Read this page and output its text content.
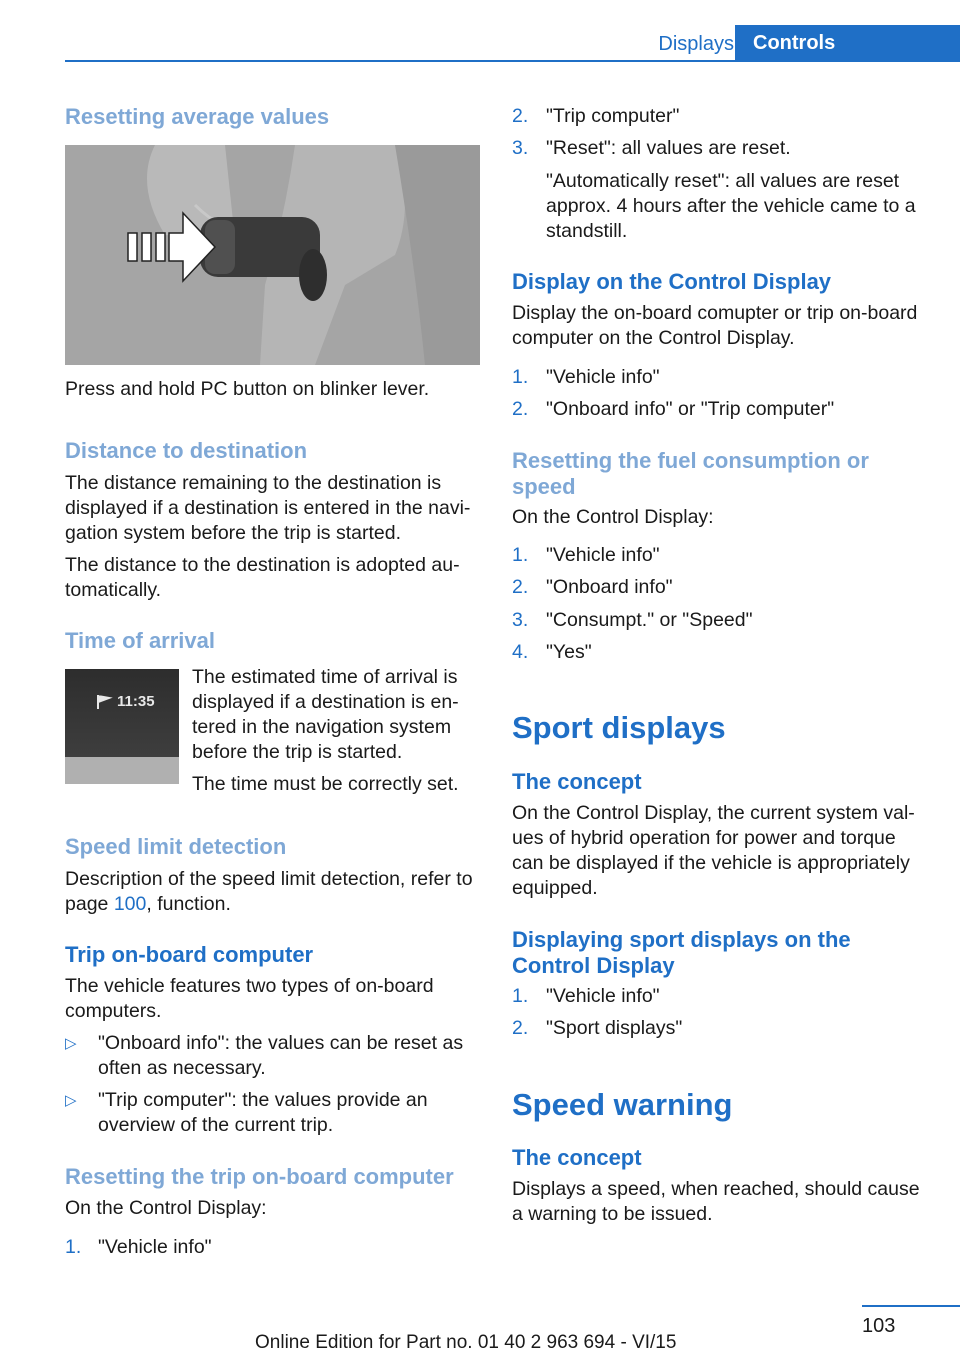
Displays Controls
Resetting average values
Press and hold PC button on blinker lever.
Distance to destination
The distance remaining to the destination is displayed if a destination is entered in the navi‐gation system before the trip is started.
The distance to the destination is adopted au‐tomatically.
Time of arrival
11:35
The estimated time of arrival is displayed if a destination is en‐tered in the navigation system before the trip is started.
The time must be correctly set.
Speed limit detection
Description of the speed limit detection, refer to page 100, function.
Trip on-board computer
The vehicle features two types of on-board computers.
▷ "Onboard info": the values can be reset as often as necessary.
▷ "Trip computer": the values provide an overview of the current trip.
Resetting the trip on-board computer
On the Control Display:
1. "Vehicle info"
2. "Trip computer"
3. "Reset": all values are reset.
"Automatically reset": all values are reset approx. 4 hours after the vehicle came to a standstill.
Display on the Control Display
Display the on-board comupter or trip on-board computer on the Control Display.
1. "Vehicle info"
2. "Onboard info" or "Trip computer"
Resetting the fuel consumption or speed
On the Control Display:
1. "Vehicle info"
2. "Onboard info"
3. "Consumpt." or "Speed"
4. "Yes"
Sport displays
The concept
On the Control Display, the current system val‐ues of hybrid operation for power and torque can be displayed if the vehicle is appropriately equipped.
Displaying sport displays on the Control Display
1. "Vehicle info"
2. "Sport displays"
Speed warning
The concept
Displays a speed, when reached, should cause a warning to be issued.
103
Online Edition for Part no. 01 40 2 963 694 - VI/15
